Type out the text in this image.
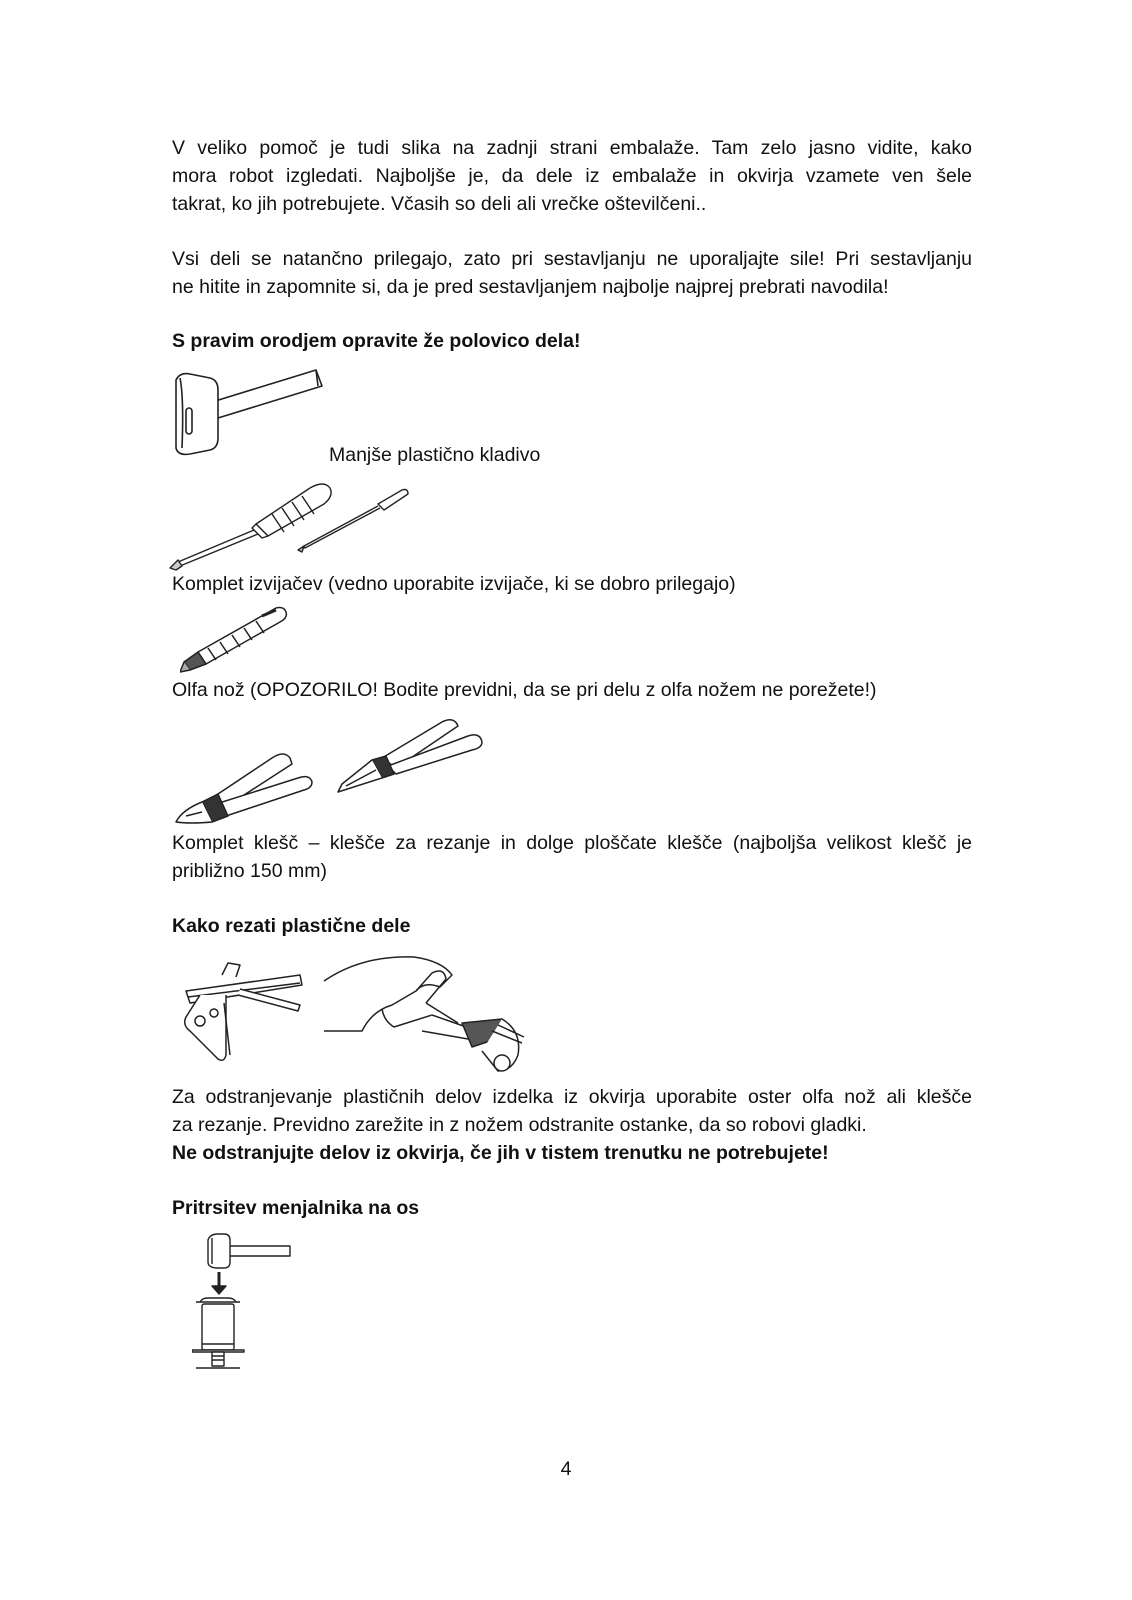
V veliko pomoč je tudi slika na zadnji strani embalaže. Tam zelo jasno vidite, kako

mora robot izgledati. Najboljše je, da dele iz embalaže in okvirja vzamete ven šele

takrat, ko jih potrebujete. Včasih so deli ali vrečke oštevilčeni..

Vsi deli se natančno prilegajo, zato pri sestavljanju ne uporaljajte sile! Pri sestavljanju

ne hitite in zapomnite si, da je pred sestavljanjem najbolje najprej prebrati navodila!

S pravim orodjem opravite že polovico dela!

Manjše plastično kladivo

Komplet izvijačev (vedno uporabite izvijače, ki se dobro prilegajo)

Olfa nož (OPOZORILO! Bodite previdni, da se pri delu z olfa nožem ne porežete!)

Komplet klešč – klešče za rezanje in dolge ploščate klešče (najboljša velikost klešč je

približno 150 mm)

Kako rezati plastične dele

Za odstranjevanje plastičnih delov izdelka iz okvirja uporabite oster olfa nož ali klešče

za rezanje. Previdno zarežite in z nožem odstranite ostanke, da so robovi gladki.

Ne odstranjujte delov iz okvirja, če jih v tistem trenutku ne potrebujete!

Pritrsitev menjalnika na os

4
